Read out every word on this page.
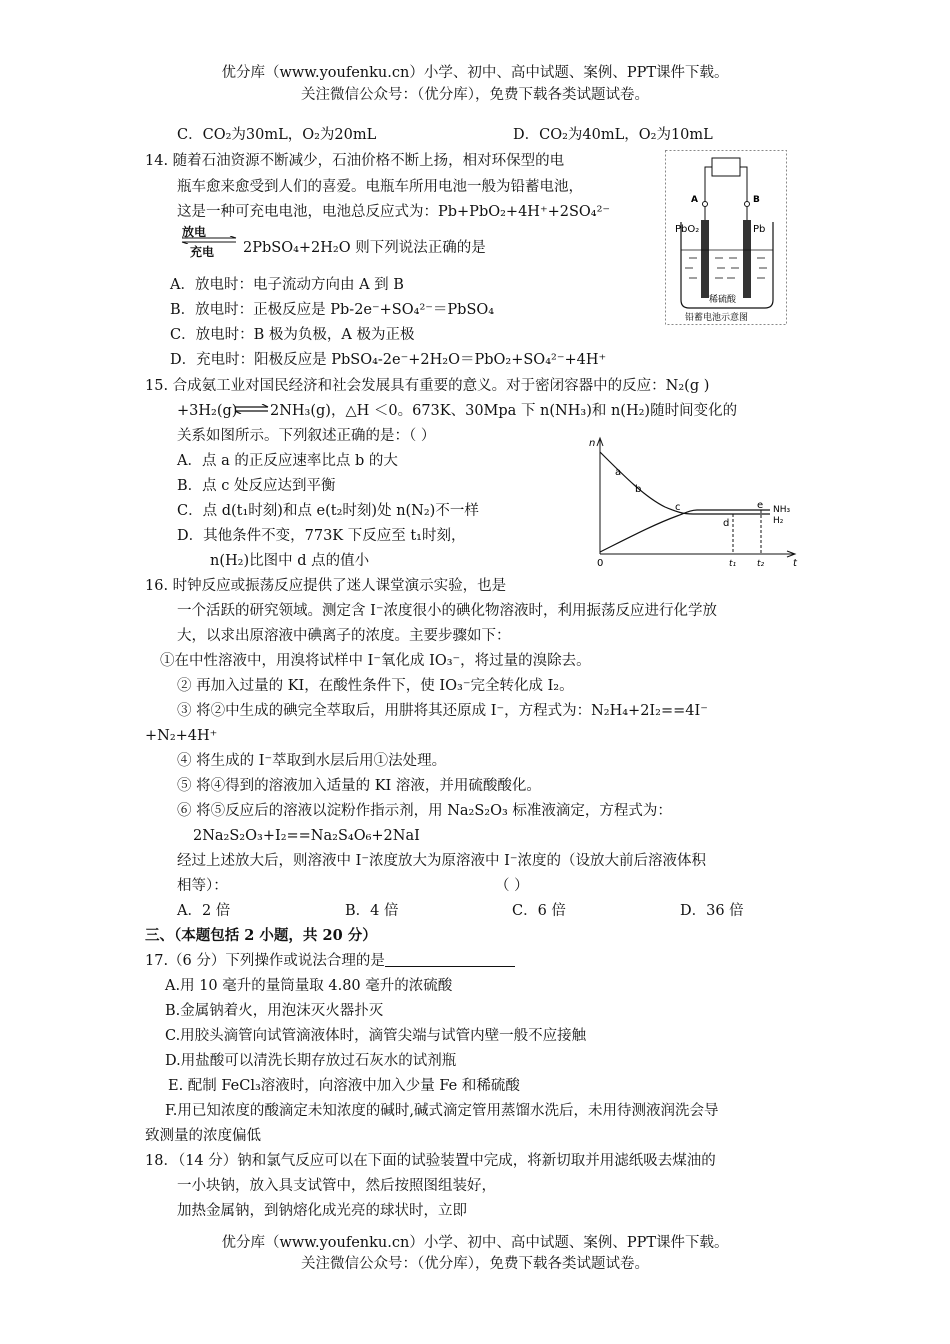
优分库（www.youfenku.cn）小学、初中、高中试题、案例、PPT课件下载。
关注微信公众号：（优分库），免费下载各类试题试卷。
C．CO₂为30mL，O₂为20mL	D．CO₂为40mL，O₂为10mL
14. 随着石油资源不断减少，石油价格不断上扬，相对环保型的电
瓶车愈来愈受到人们的喜爱。电瓶车所用电池一般为铅蓄电池，
这是一种可充电电池，电池总反应式为：Pb+PbO₂+4H⁺+2SO₄²⁻
放电
充电 2PbSO₄+2H₂O 则下列说法正确的是
A．放电时：电子流动方向由 A 到 B
B．放电时：正极反应是 Pb-2e⁻+SO₄²⁻＝PbSO₄
C．放电时：B 极为负极，A 极为正极
D．充电时：阳极反应是 PbSO₄-2e⁻+2H₂O＝PbO₂+SO₄²⁻+4H⁺
A	B
PbO₂	Pb
稀硫酸
铅蓄电池示意图
15. 合成氨工业对国民经济和社会发展具有重要的意义。对于密闭容器中的反应：N₂(g )
+3H₂(g) 2NH₃(g)，△H ＜0。673K、30Mpa 下 n(NH₃)和 n(H₂)随时间变化的
关系如图所示。下列叙述正确的是：（ ）
A．点 a 的正反应速率比点 b 的大
B．点 c 处反应达到平衡
C．点 d(t₁时刻)和点 e(t₂时刻)处 n(N₂)不一样
D．其他条件不变，773K 下反应至 t₁时刻，
n(H₂)比图中 d 点的值小
n
t
0
a
b
c
d
e NH₃
H₂
t₁ t₂
16. 时钟反应或振荡反应提供了迷人课堂演示实验，也是
一个活跃的研究领域。测定含 I⁻浓度很小的碘化物溶液时，利用振荡反应进行化学放
大，以求出原溶液中碘离子的浓度。主要步骤如下：
①在中性溶液中，用溴将试样中 I⁻氧化成 IO₃⁻，将过量的溴除去。
② 再加入过量的 KI，在酸性条件下，使 IO₃⁻完全转化成 I₂。
③ 将②中生成的碘完全萃取后，用肼将其还原成 I⁻，方程式为：N₂H₄+2I₂==4I⁻
+N₂+4H⁺
④ 将生成的 I⁻萃取到水层后用①法处理。
⑤ 将④得到的溶液加入适量的 KI 溶液，并用硫酸酸化。
⑥ 将⑤反应后的溶液以淀粉作指示剂，用 Na₂S₂O₃ 标准液滴定，方程式为：
2Na₂S₂O₃+I₂==Na₂S₄O₆+2NaI
经过上述放大后，则溶液中 I⁻浓度放大为原溶液中 I⁻浓度的（设放大前后溶液体积
相等）：	（ ）
A．2 倍	B．4 倍	C．6 倍	D．36 倍
三、（本题包括 2 小题，共 20 分）
17.（6 分）下列操作或说法合理的是
A.用 10 毫升的量筒量取 4.80 毫升的浓硫酸
B.金属钠着火，用泡沫灭火器扑灭
C.用胶头滴管向试管滴液体时，滴管尖端与试管内壁一般不应接触
D.用盐酸可以清洗长期存放过石灰水的试剂瓶
E. 配制 FeCl₃溶液时，向溶液中加入少量 Fe 和稀硫酸
F.用已知浓度的酸滴定未知浓度的碱时,碱式滴定管用蒸馏水洗后，未用待测液润洗会导
致测量的浓度偏低
18．（14 分）钠和氯气反应可以在下面的试验装置中完成，将新切取并用滤纸吸去煤油的
一小块钠，放入具支试管中，然后按照图组装好，
加热金属钠，到钠熔化成光亮的球状时，立即
优分库（www.youfenku.cn）小学、初中、高中试题、案例、PPT课件下载。
关注微信公众号：（优分库），免费下载各类试题试卷。
